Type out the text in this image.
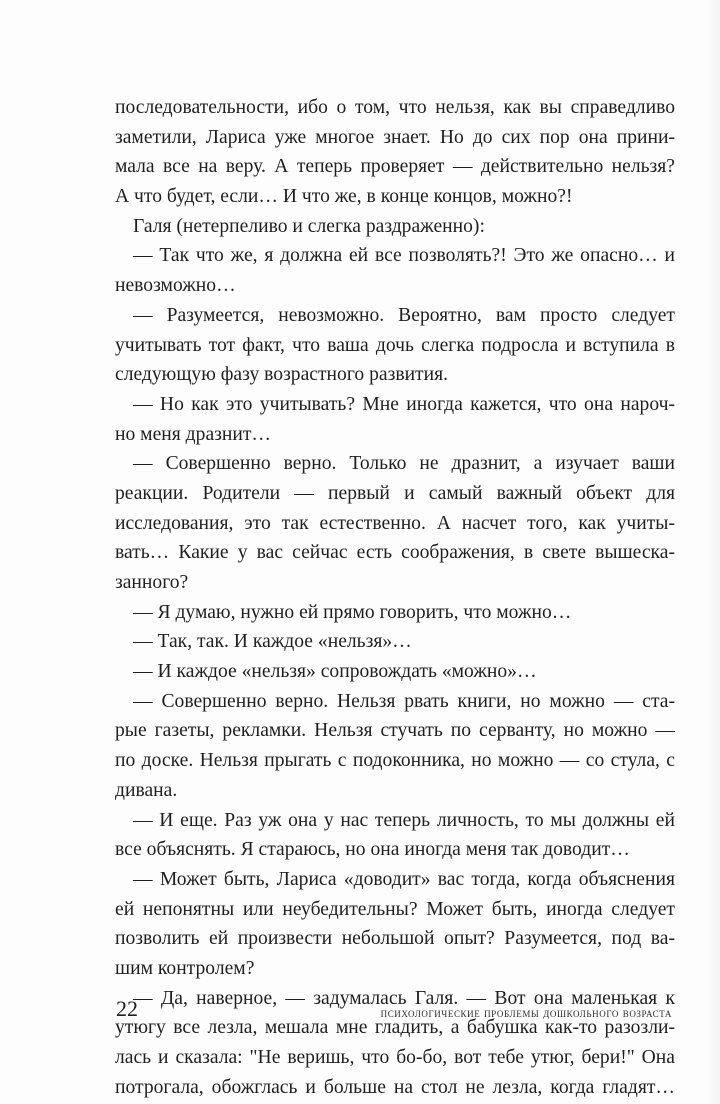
последовательности, ибо о том, что нельзя, как вы справедливо
заметили, Лариса уже многое знает. Но до сих пор она прини-
мала все на веру. А теперь проверяет — действительно нельзя?
А что будет, если… И что же, в конце концов, можно?!
Галя (нетерпеливо и слегка раздраженно):
— Так что же, я должна ей все позволять?! Это же опасно… и
невозможно…
— Разумеется, невозможно. Вероятно, вам просто следует
учитывать тот факт, что ваша дочь слегка подросла и вступила в
следующую фазу возрастного развития.
— Но как это учитывать? Мне иногда кажется, что она нароч-
но меня дразнит…
— Совершенно верно. Только не дразнит, а изучает ваши
реакции. Родители — первый и самый важный объект для
исследования, это так естественно. А насчет того, как учиты-
вать… Какие у вас сейчас есть соображения, в свете вышеска-
занного?
— Я думаю, нужно ей прямо говорить, что можно…
— Так, так. И каждое «нельзя»…
— И каждое «нельзя» сопровождать «можно»…
— Совершенно верно. Нельзя рвать книги, но можно — ста-
рые газеты, рекламки. Нельзя стучать по серванту, но можно —
по доске. Нельзя прыгать с подоконника, но можно — со стула, с
дивана.
— И еще. Раз уж она у нас теперь личность, то мы должны ей
все объяснять. Я стараюсь, но она иногда меня так доводит…
— Может быть, Лариса «доводит» вас тогда, когда объяснения
ей непонятны или неубедительны? Может быть, иногда следует
позволить ей произвести небольшой опыт? Разумеется, под ва-
шим контролем?
— Да, наверное, — задумалась Галя. — Вот она маленькая к
утюгу все лезла, мешала мне гладить, а бабушка как-то разозли-
лась и сказала: "Не веришь, что бо-бо, вот тебе утюг, бери!" Она
потрогала, обожглась и больше на стол не лезла, когда гладят…
22	психологические проблемы дошкольного возраста
